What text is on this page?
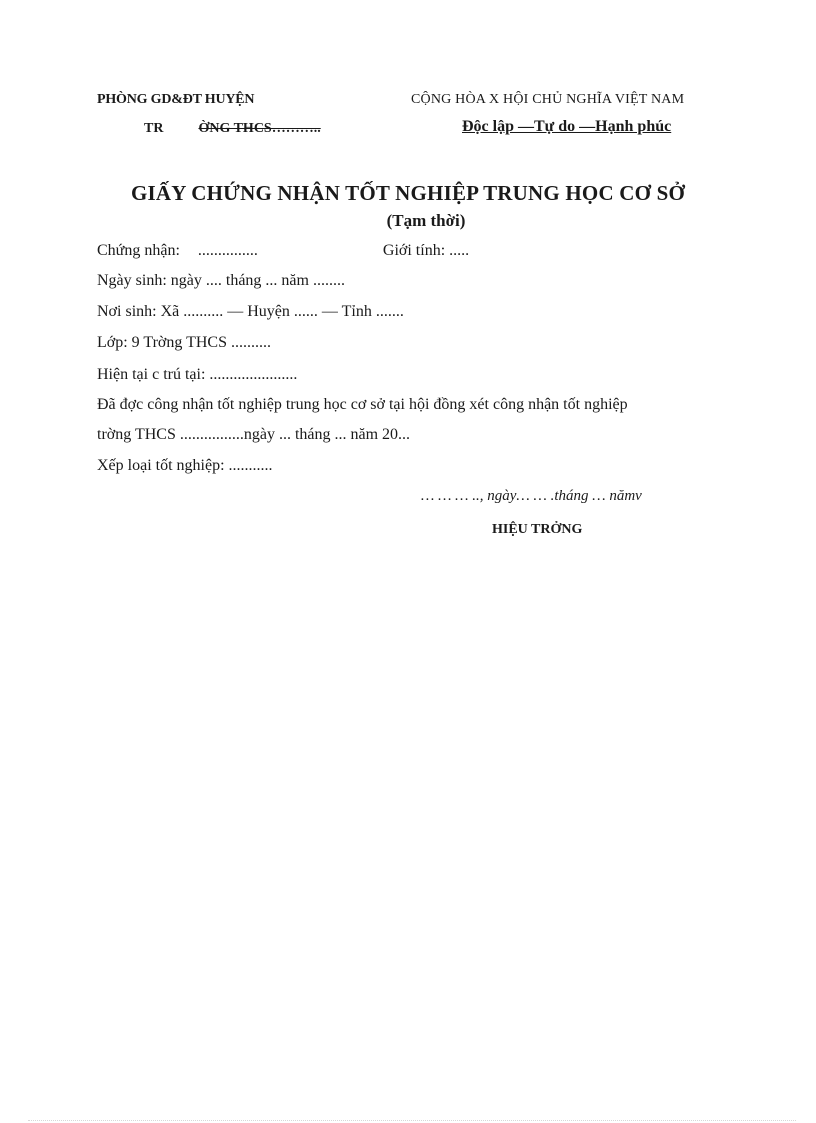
PHÒNG GD&ĐT HUYỆN
TR	ỜNG THCS………..
CỘNG HÒA X HỘI CHỦ NGHĨA VIỆT NAM
Độc lập —Tự do —Hạnh phúc
GIẤY CHỨNG NHẬN TỐT NGHIỆP TRUNG HỌC CƠ SỞ
(Tạm thời)
Chứng nhận: ...............	Giới tính: .....
Ngày sinh: ngày .... tháng ... năm ........
Nơi sinh: Xã .......... — Huyện ...... — Tỉnh .......
Lớp: 9 Trờng THCS ..........
Hiện tại c trú tại: ......................
Đã đợc công nhận tốt nghiệp trung học cơ sở tại hội đồng xét công nhận tốt nghiệp
trờng THCS ................ngày ... tháng ... năm 20...
Xếp loại tốt nghiệp: ...........
… … … .., ngày… … .tháng … nămv
HIỆU TRỞNG
